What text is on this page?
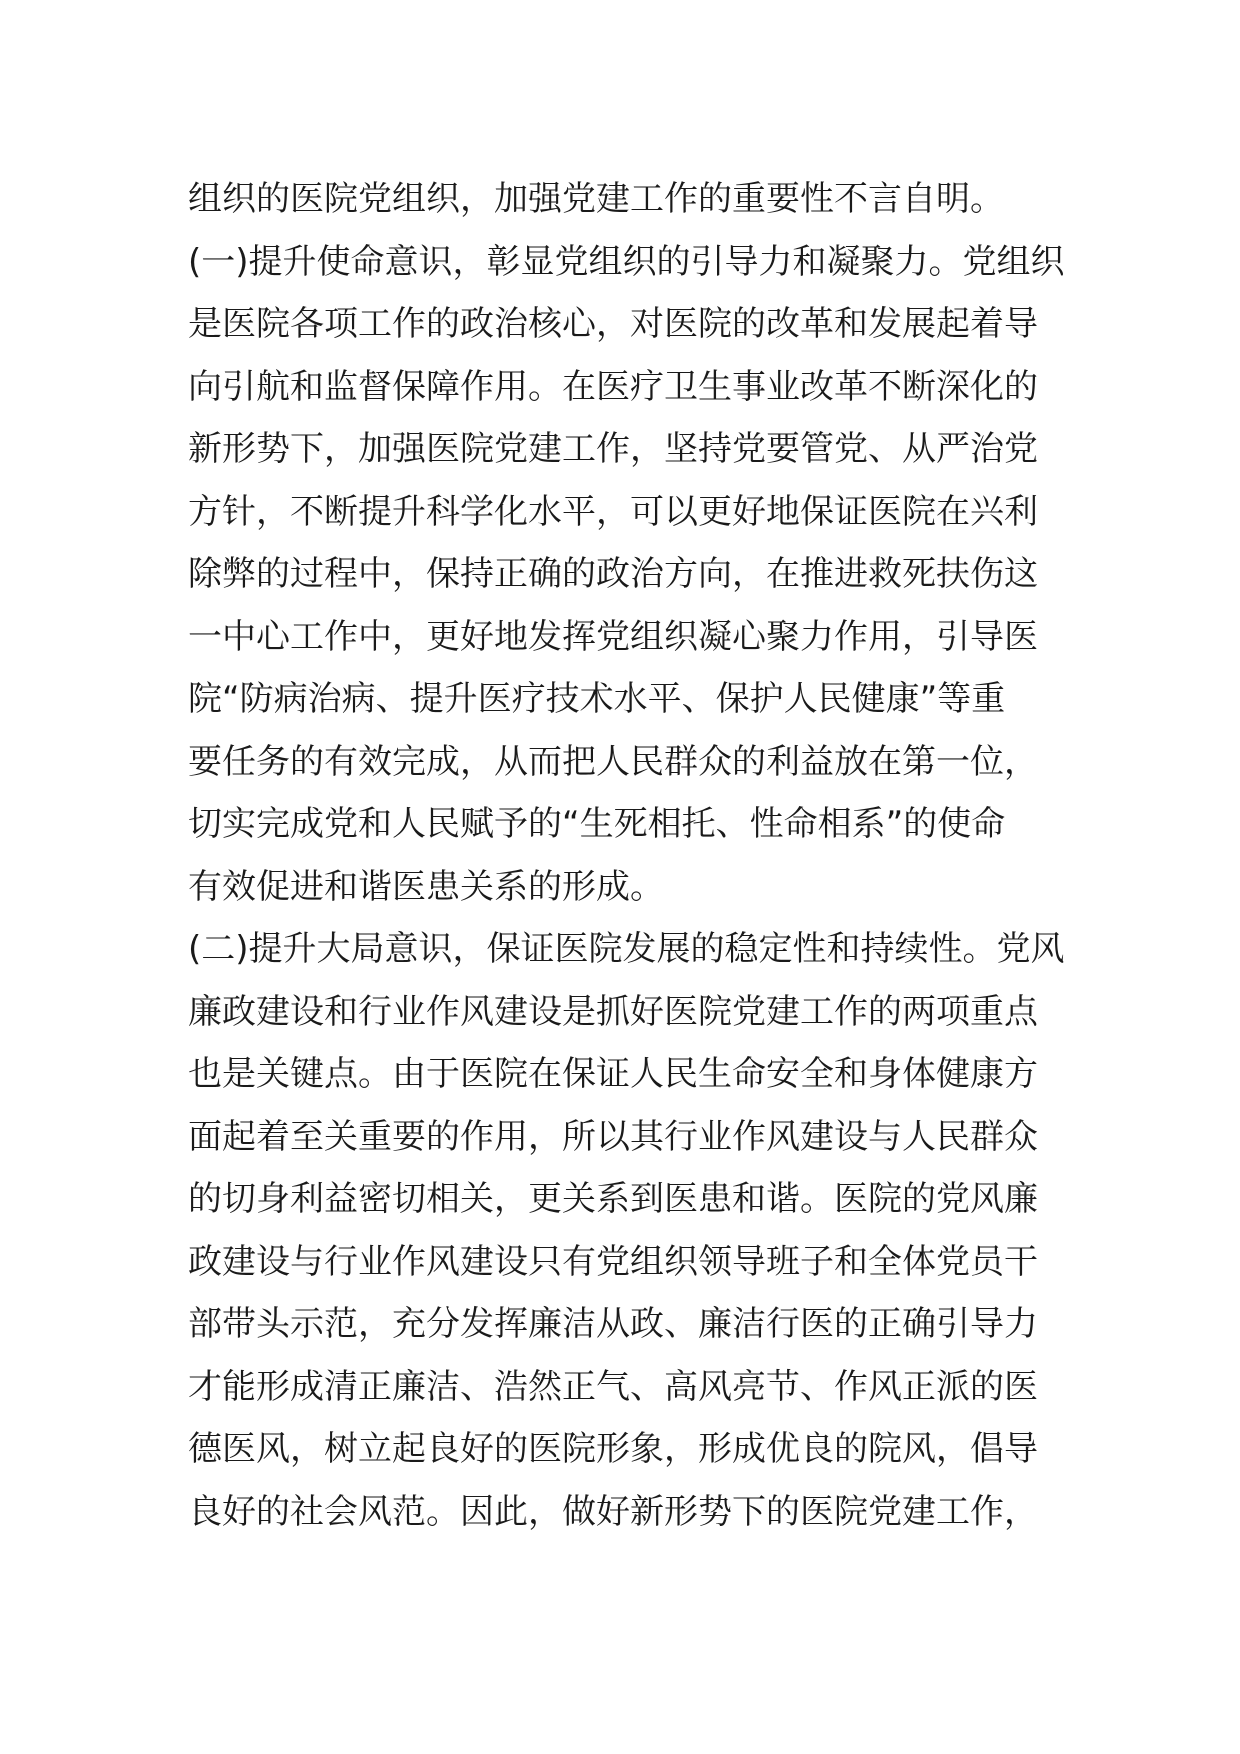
组织的医院党组织，加强党建工作的重要性不言自明。
(一)提升使命意识，彰显党组织的引导力和凝聚力。党组织
是医院各项工作的政治核心，对医院的改革和发展起着导
向引航和监督保障作用。在医疗卫生事业改革不断深化的
新形势下，加强医院党建工作，坚持党要管党、从严治党
方针，不断提升科学化水平，可以更好地保证医院在兴利
除弊的过程中，保持正确的政治方向，在推进救死扶伤这
一中心工作中，更好地发挥党组织凝心聚力作用，引导医
院“防病治病、提升医疗技术水平、保护人民健康”等重
要任务的有效完成，从而把人民群众的利益放在第一位，
切实完成党和人民赋予的“生死相托、性命相系”的使命
有效促进和谐医患关系的形成。
(二)提升大局意识，保证医院发展的稳定性和持续性。党风
廉政建设和行业作风建设是抓好医院党建工作的两项重点
也是关键点。由于医院在保证人民生命安全和身体健康方
面起着至关重要的作用，所以其行业作风建设与人民群众
的切身利益密切相关，更关系到医患和谐。医院的党风廉
政建设与行业作风建设只有党组织领导班子和全体党员干
部带头示范，充分发挥廉洁从政、廉洁行医的正确引导力
才能形成清正廉洁、浩然正气、高风亮节、作风正派的医
德医风，树立起良好的医院形象，形成优良的院风，倡导
良好的社会风范。因此，做好新形势下的医院党建工作，
